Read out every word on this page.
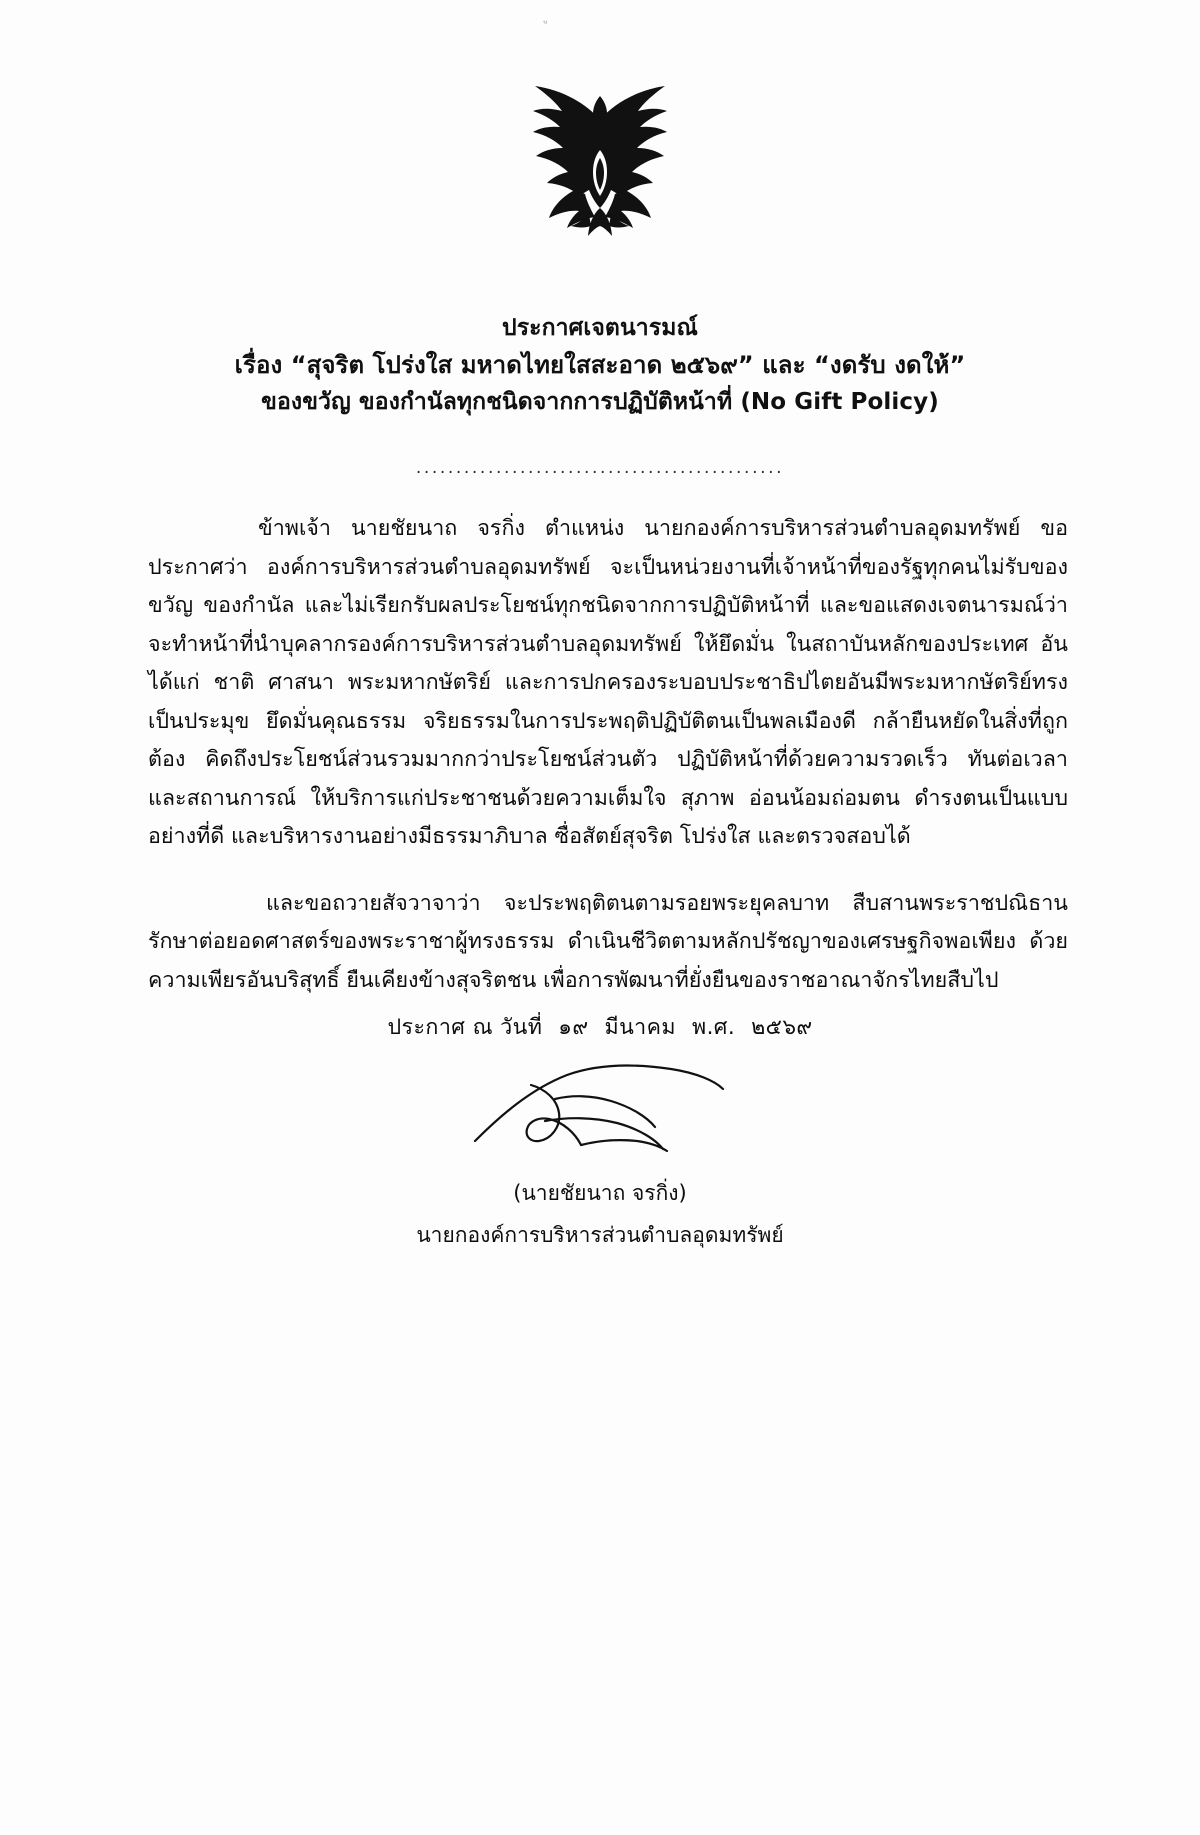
ประกาศเจตนารมณ์
เรื่อง “สุจริต โปร่งใส มหาดไทยใสสะอาด ๒๕๖๙” และ “งดรับ งดให้”
ของขวัญ ของกำนัลทุกชนิดจากการปฏิบัติหน้าที่ (No Gift Policy)
..............................................

ข้าพเจ้า นายชัยนาถ จรกิ่ง ตำแหน่ง นายกองค์การบริหารส่วนตำบลอุดมทรัพย์ ขอประกาศว่า องค์การบริหารส่วนตำบลอุดมทรัพย์ จะเป็นหน่วยงานที่เจ้าหน้าที่ของรัฐทุกคนไม่รับของขวัญ ของกำนัล และไม่เรียกรับผลประโยชน์ทุกชนิดจากการปฏิบัติหน้าที่ และขอแสดงเจตนารมณ์ว่า จะทำหน้าที่นำบุคลากรองค์การบริหารส่วนตำบลอุดมทรัพย์ ให้ยึดมั่น ในสถาบันหลักของประเทศ อันได้แก่ ชาติ ศาสนา พระมหากษัตริย์ และการปกครองระบอบประชาธิปไตยอันมีพระมหากษัตริย์ทรงเป็นประมุข ยึดมั่นคุณธรรม จริยธรรมในการประพฤติปฏิบัติตนเป็นพลเมืองดี กล้ายืนหยัดในสิ่งที่ถูกต้อง คิดถึงประโยชน์ส่วนรวมมากกว่าประโยชน์ส่วนตัว ปฏิบัติหน้าที่ด้วยความรวดเร็ว ทันต่อเวลา และสถานการณ์ ให้บริการแก่ประชาชนด้วยความเต็มใจ สุภาพ อ่อนน้อมถ่อมตน ดำรงตนเป็นแบบอย่างที่ดี และบริหารงานอย่างมีธรรมาภิบาล ซื่อสัตย์สุจริต โปร่งใส และตรวจสอบได้

และขอถวายสัจวาจาว่า จะประพฤติตนตามรอยพระยุคลบาท สืบสานพระราชปณิธานรักษาต่อยอดศาสตร์ของพระราชาผู้ทรงธรรม ดำเนินชีวิตตามหลักปรัชญาของเศรษฐกิจพอเพียง ด้วยความเพียรอันบริสุทธิ์ ยืนเคียงข้างสุจริตชน เพื่อการพัฒนาที่ยั่งยืนของราชอาณาจักรไทยสืบไป

ประกาศ ณ วันที่ ๑๙ มีนาคม พ.ศ. ๒๕๖๙
(นายชัยนาถ จรกิ่ง)
นายกองค์การบริหารส่วนตำบลอุดมทรัพย์
